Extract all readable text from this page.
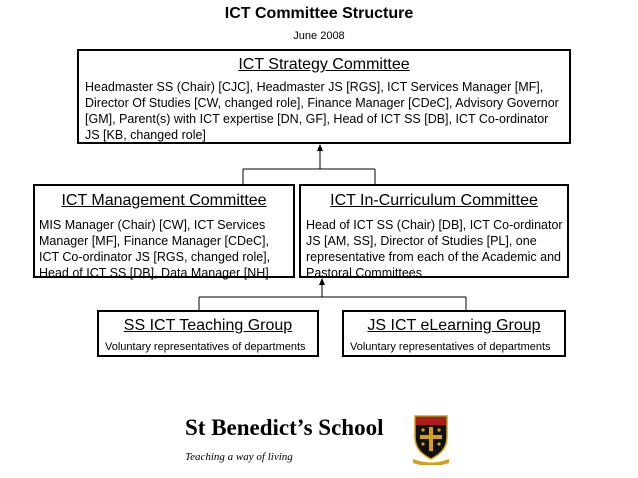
ICT Committee Structure
June 2008
ICT Strategy Committee
Headmaster SS (Chair) [CJC], Headmaster JS [RGS], ICT Services Manager [MF], Director Of Studies [CW, changed role], Finance Manager [CDeC], Advisory Governor [GM], Parent(s) with ICT expertise [DN, GF], Head of ICT SS [DB], ICT Co-ordinator JS [KB, changed role]
ICT Management Committee
MIS Manager (Chair) [CW], ICT Services Manager [MF], Finance Manager [CDeC], ICT Co-ordinator JS [RGS, changed role], Head of ICT SS [DB], Data Manager [NH]
ICT In-Curriculum Committee
Head of ICT SS (Chair) [DB], ICT Co-ordinator JS [AM, SS], Director of Studies [PL], one representative from each of the Academic and Pastoral Committees
SS ICT Teaching Group
Voluntary representatives of departments
JS ICT eLearning Group
Voluntary representatives of departments
St Benedict’s School
Teaching a way of living
